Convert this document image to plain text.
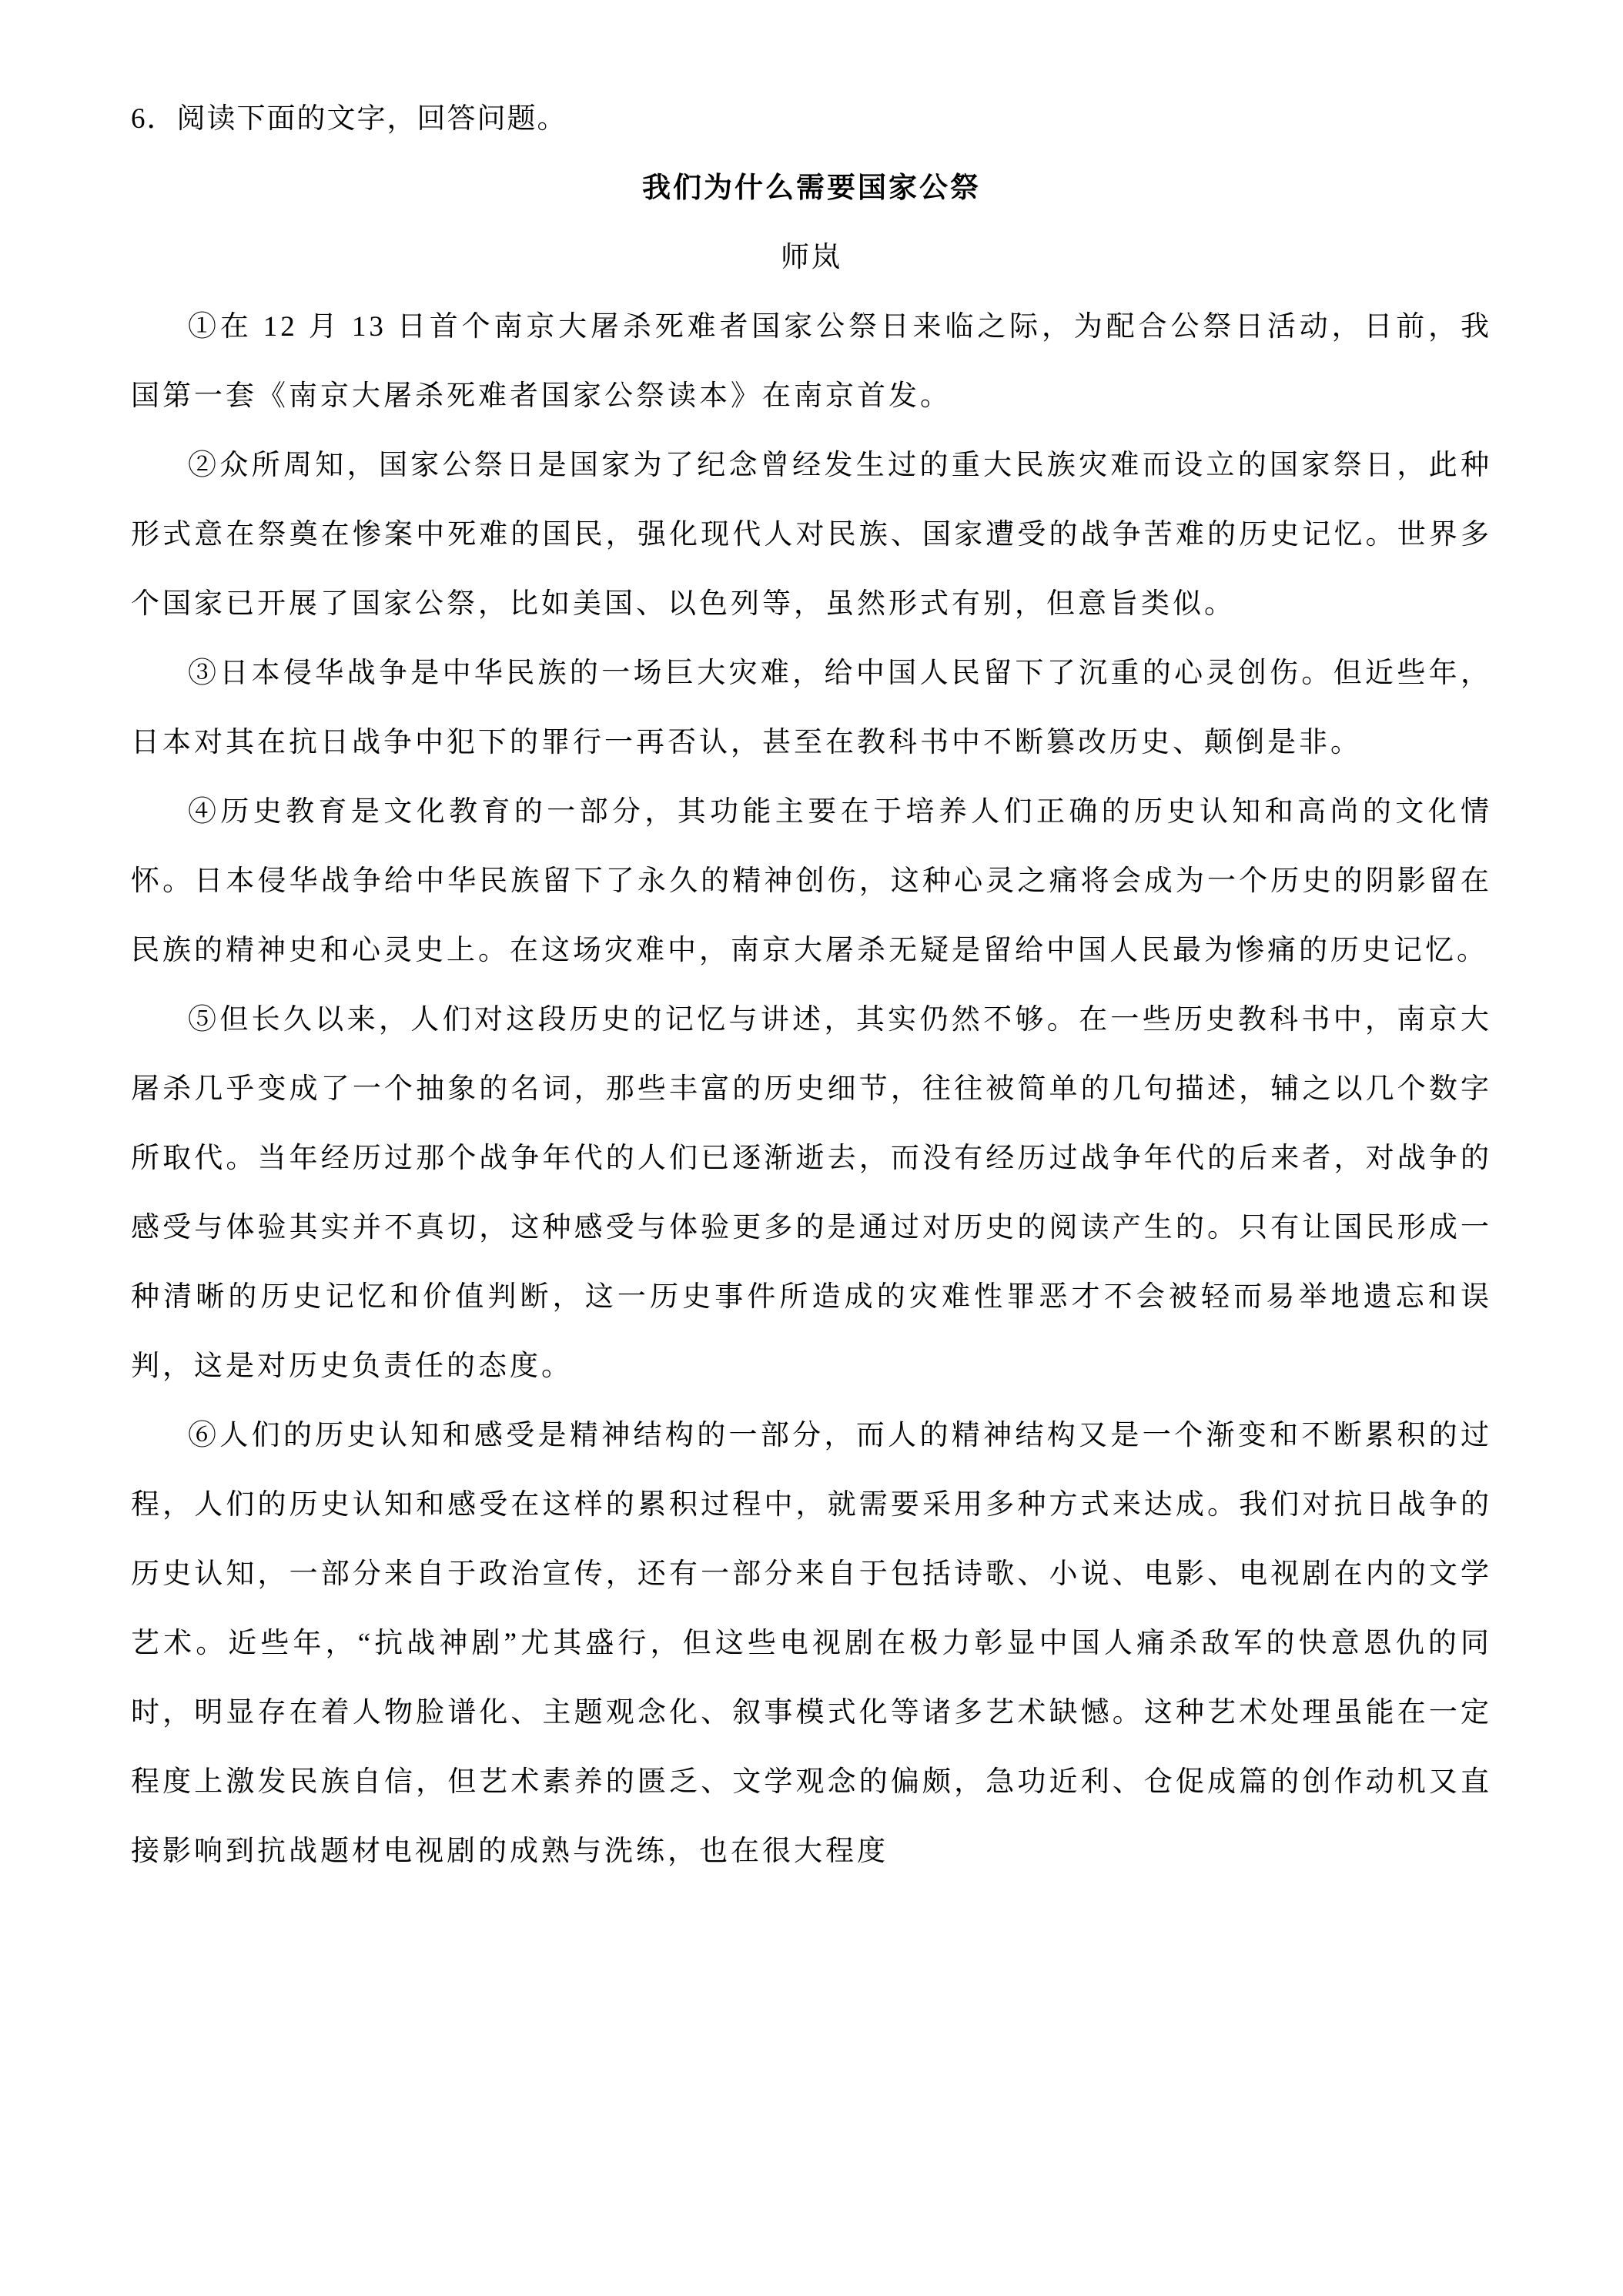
6．阅读下面的文字，回答问题。
我们为什么需要国家公祭
师岚

①在 12 月 13 日首个南京大屠杀死难者国家公祭日来临之际，为配合公祭日活动，日前，我国第一套《南京大屠杀死难者国家公祭读本》在南京首发。

②众所周知，国家公祭日是国家为了纪念曾经发生过的重大民族灾难而设立的国家祭日，此种形式意在祭奠在惨案中死难的国民，强化现代人对民族、国家遭受的战争苦难的历史记忆。世界多个国家已开展了国家公祭，比如美国、以色列等，虽然形式有别，但意旨类似。

③日本侵华战争是中华民族的一场巨大灾难，给中国人民留下了沉重的心灵创伤。但近些年，日本对其在抗日战争中犯下的罪行一再否认，甚至在教科书中不断篡改历史、颠倒是非。

④历史教育是文化教育的一部分，其功能主要在于培养人们正确的历史认知和高尚的文化情怀。日本侵华战争给中华民族留下了永久的精神创伤，这种心灵之痛将会成为一个历史的阴影留在民族的精神史和心灵史上。在这场灾难中，南京大屠杀无疑是留给中国人民最为惨痛的历史记忆。

⑤但长久以来，人们对这段历史的记忆与讲述，其实仍然不够。在一些历史教科书中，南京大屠杀几乎变成了一个抽象的名词，那些丰富的历史细节，往往被简单的几句描述，辅之以几个数字所取代。当年经历过那个战争年代的人们已逐渐逝去，而没有经历过战争年代的后来者，对战争的感受与体验其实并不真切，这种感受与体验更多的是通过对历史的阅读产生的。只有让国民形成一种清晰的历史记忆和价值判断，这一历史事件所造成的灾难性罪恶才不会被轻而易举地遗忘和误判，这是对历史负责任的态度。

⑥人们的历史认知和感受是精神结构的一部分，而人的精神结构又是一个渐变和不断累积的过程，人们的历史认知和感受在这样的累积过程中，就需要采用多种方式来达成。我们对抗日战争的历史认知，一部分来自于政治宣传，还有一部分来自于包括诗歌、小说、电影、电视剧在内的文学艺术。近些年，“抗战神剧”尤其盛行，但这些电视剧在极力彰显中国人痛杀敌军的快意恩仇的同时，明显存在着人物脸谱化、主题观念化、叙事模式化等诸多艺术缺憾。这种艺术处理虽能在一定程度上激发民族自信，但艺术素养的匮乏、文学观念的偏颇，急功近利、仓促成篇的创作动机又直接影响到抗战题材电视剧的成熟与洗练，也在很大程度
